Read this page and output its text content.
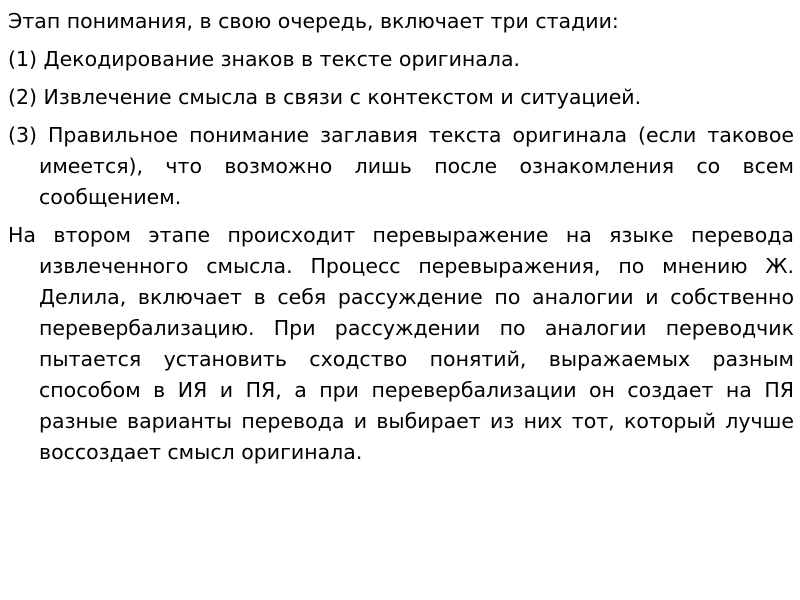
Этап понимания, в свою очередь, включает три стадии:

(1) Декодирование знаков в тексте оригинала.

(2) Извлечение смысла в связи с контекстом и ситуацией.

(3) Правильное понимание заглавия текста оригинала (если таковое имеется), что возможно лишь после ознакомления со всем сообщением.

На втором этапе происходит перевыражение на языке перевода извлеченного смысла. Процесс перевыражения, по мнению Ж. Делила, включает в себя рассуждение по аналогии и собственно перевербализацию. При рассуждении по аналогии переводчик пытается установить сходство понятий, выражаемых разным способом в ИЯ и ПЯ, а при перевербализации он создает на ПЯ разные варианты перевода и выбирает из них тот, который лучше воссоздает смысл оригинала.
